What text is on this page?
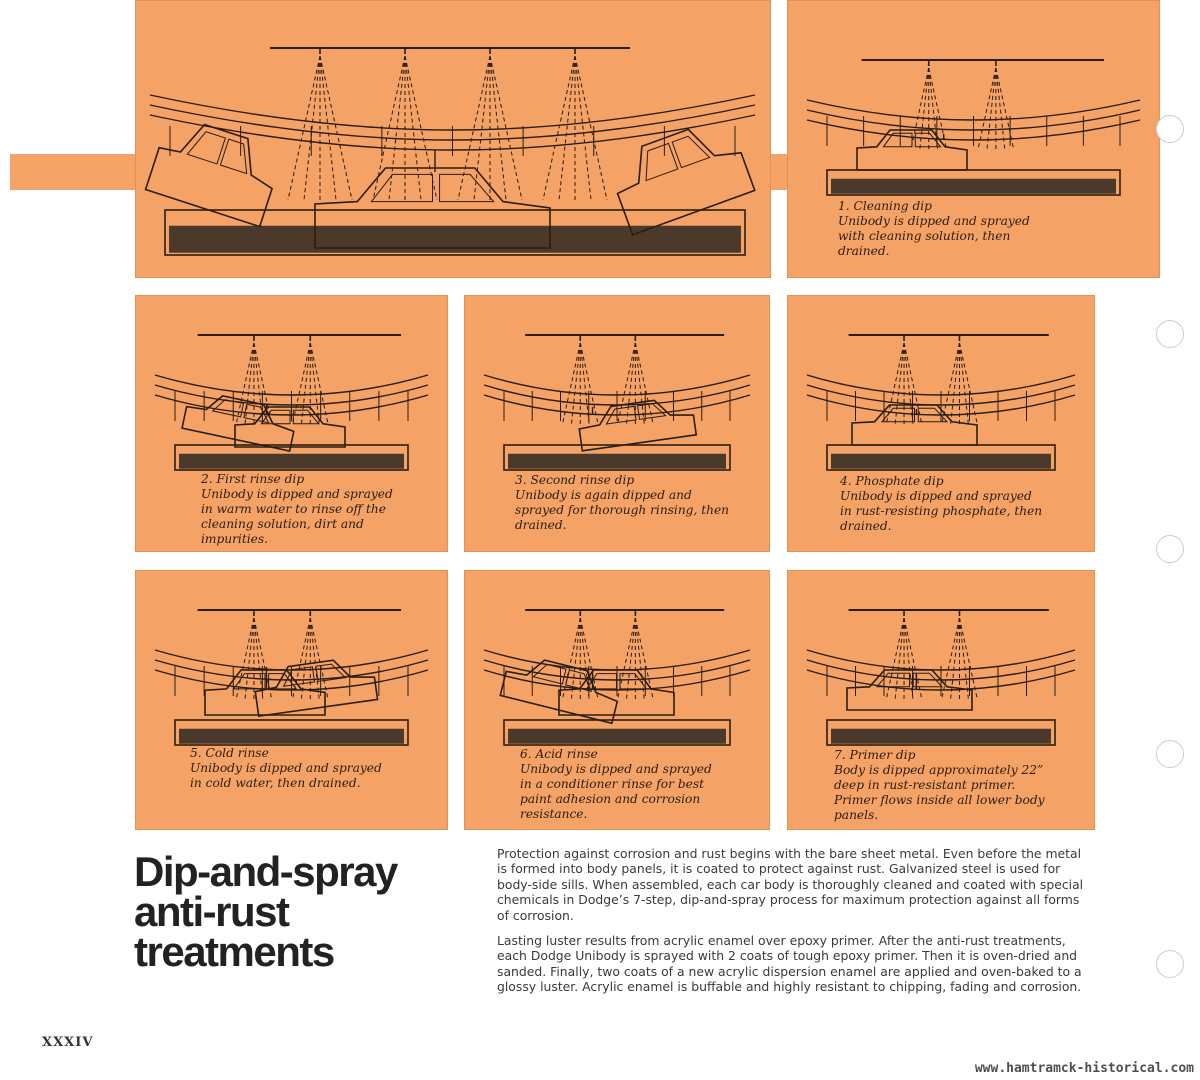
1. Cleaning dip
Unibody is dipped and sprayed
with cleaning solution, then
drained.
2. First rinse dip
Unibody is dipped and sprayed
in warm water to rinse off the
cleaning solution, dirt and
impurities.
3. Second rinse dip
Unibody is again dipped and
sprayed for thorough rinsing, then
drained.
4. Phosphate dip
Unibody is dipped and sprayed
in rust-resisting phosphate, then
drained.
5. Cold rinse
Unibody is dipped and sprayed
in cold water, then drained.
6. Acid rinse
Unibody is dipped and sprayed
in a conditioner rinse for best
paint adhesion and corrosion
resistance.
7. Primer dip
Body is dipped approximately 22”
deep in rust-resistant primer.
Primer flows inside all lower body
panels.
Dip-and-spray
anti-rust
treatments

Protection against corrosion and rust begins with the bare sheet metal. Even before the metal is formed into body panels, it is coated to protect against rust. Galvanized steel is used for body-side sills. When assembled, each car body is thoroughly cleaned and coated with special chemicals in Dodge’s 7-step, dip-and-spray process for maximum protection against all forms of corrosion.

Lasting luster results from acrylic enamel over epoxy primer. After the anti-rust treatments, each Dodge Unibody is sprayed with 2 coats of tough epoxy primer. Then it is oven-dried and sanded. Finally, two coats of a new acrylic dispersion enamel are applied and oven-baked to a glossy luster. Acrylic enamel is buffable and highly resistant to chipping, fading and corrosion.

XXXIV
www.hamtramck-historical.com
